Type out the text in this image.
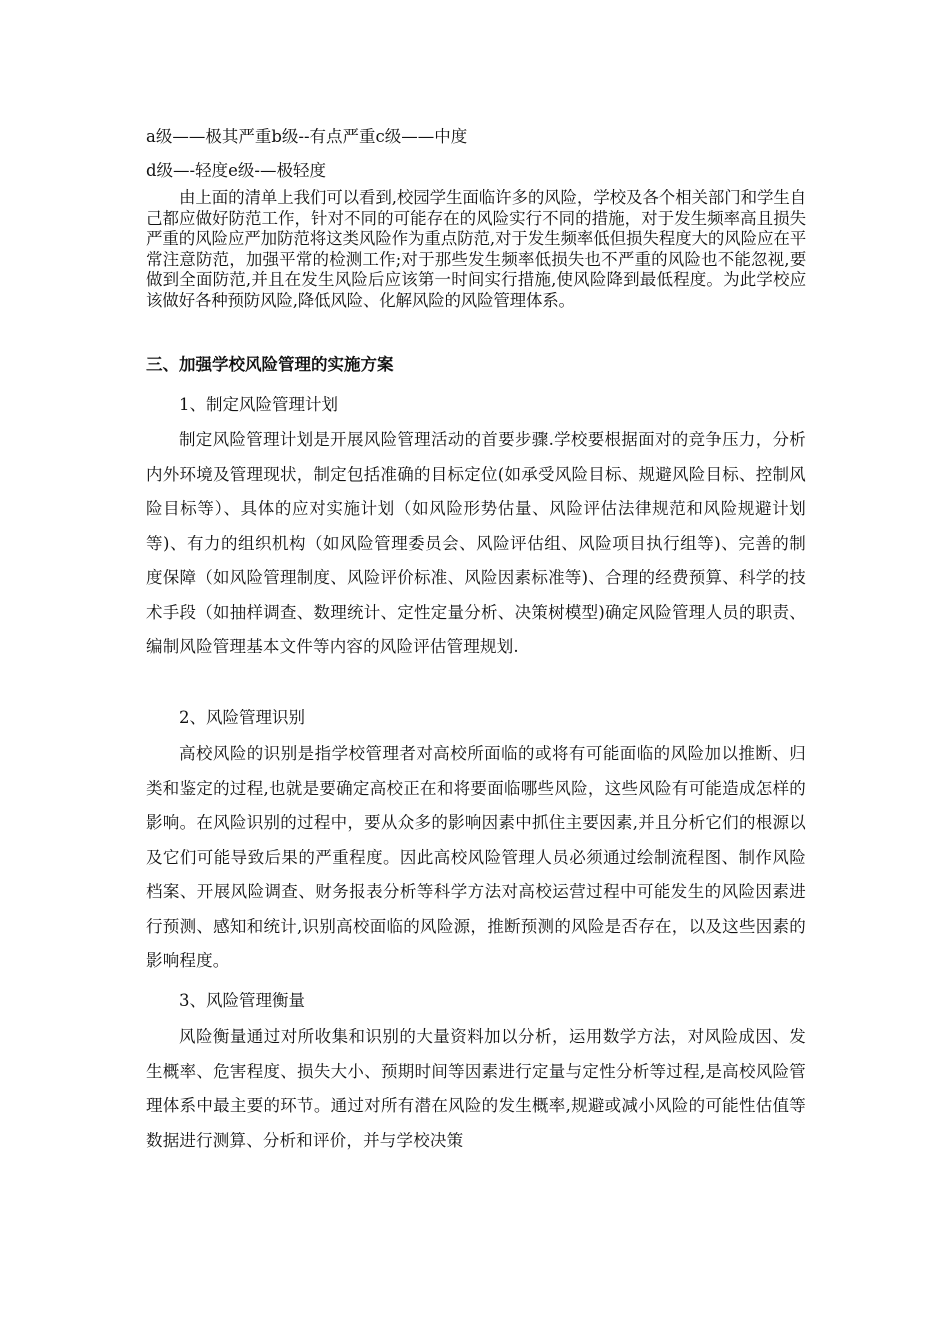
a级——极其严重b级--有点严重c级——中度
d级—-轻度e级-—极轻度
由上面的清单上我们可以看到,校园学生面临许多的风险，学校及各个相关部门和学生自己都应做好防范工作，针对不同的可能存在的风险实行不同的措施，对于发生频率高且损失严重的风险应严加防范将这类风险作为重点防范,对于发生频率低但损失程度大的风险应在平常注意防范，加强平常的检测工作;对于那些发生频率低损失也不严重的风险也不能忽视,要做到全面防范,并且在发生风险后应该第一时间实行措施,使风险降到最低程度。为此学校应该做好各种预防风险,降低风险、化解风险的风险管理体系。
三、加强学校风险管理的实施方案
1、制定风险管理计划
制定风险管理计划是开展风险管理活动的首要步骤.学校要根据面对的竞争压力，分析内外环境及管理现状，制定包括准确的目标定位(如承受风险目标、规避风险目标、控制风险目标等）、具体的应对实施计划（如风险形势估量、风险评估法律规范和风险规避计划等)、有力的组织机构（如风险管理委员会、风险评估组、风险项目执行组等)、完善的制度保障（如风险管理制度、风险评价标准、风险因素标准等)、合理的经费预算、科学的技术手段（如抽样调查、数理统计、定性定量分析、决策树模型)确定风险管理人员的职责、编制风险管理基本文件等内容的风险评估管理规划.
2、风险管理识别
高校风险的识别是指学校管理者对高校所面临的或将有可能面临的风险加以推断、归类和鉴定的过程,也就是要确定高校正在和将要面临哪些风险，这些风险有可能造成怎样的影响。在风险识别的过程中，要从众多的影响因素中抓住主要因素,并且分析它们的根源以及它们可能导致后果的严重程度。因此高校风险管理人员必须通过绘制流程图、制作风险档案、开展风险调查、财务报表分析等科学方法对高校运营过程中可能发生的风险因素进行预测、感知和统计,识别高校面临的风险源，推断预测的风险是否存在，以及这些因素的影响程度。
3、风险管理衡量
风险衡量通过对所收集和识别的大量资料加以分析，运用数学方法，对风险成因、发生概率、危害程度、损失大小、预期时间等因素进行定量与定性分析等过程,是高校风险管理体系中最主要的环节。通过对所有潜在风险的发生概率,规避或减小风险的可能性估值等数据进行测算、分析和评价，并与学校决策
